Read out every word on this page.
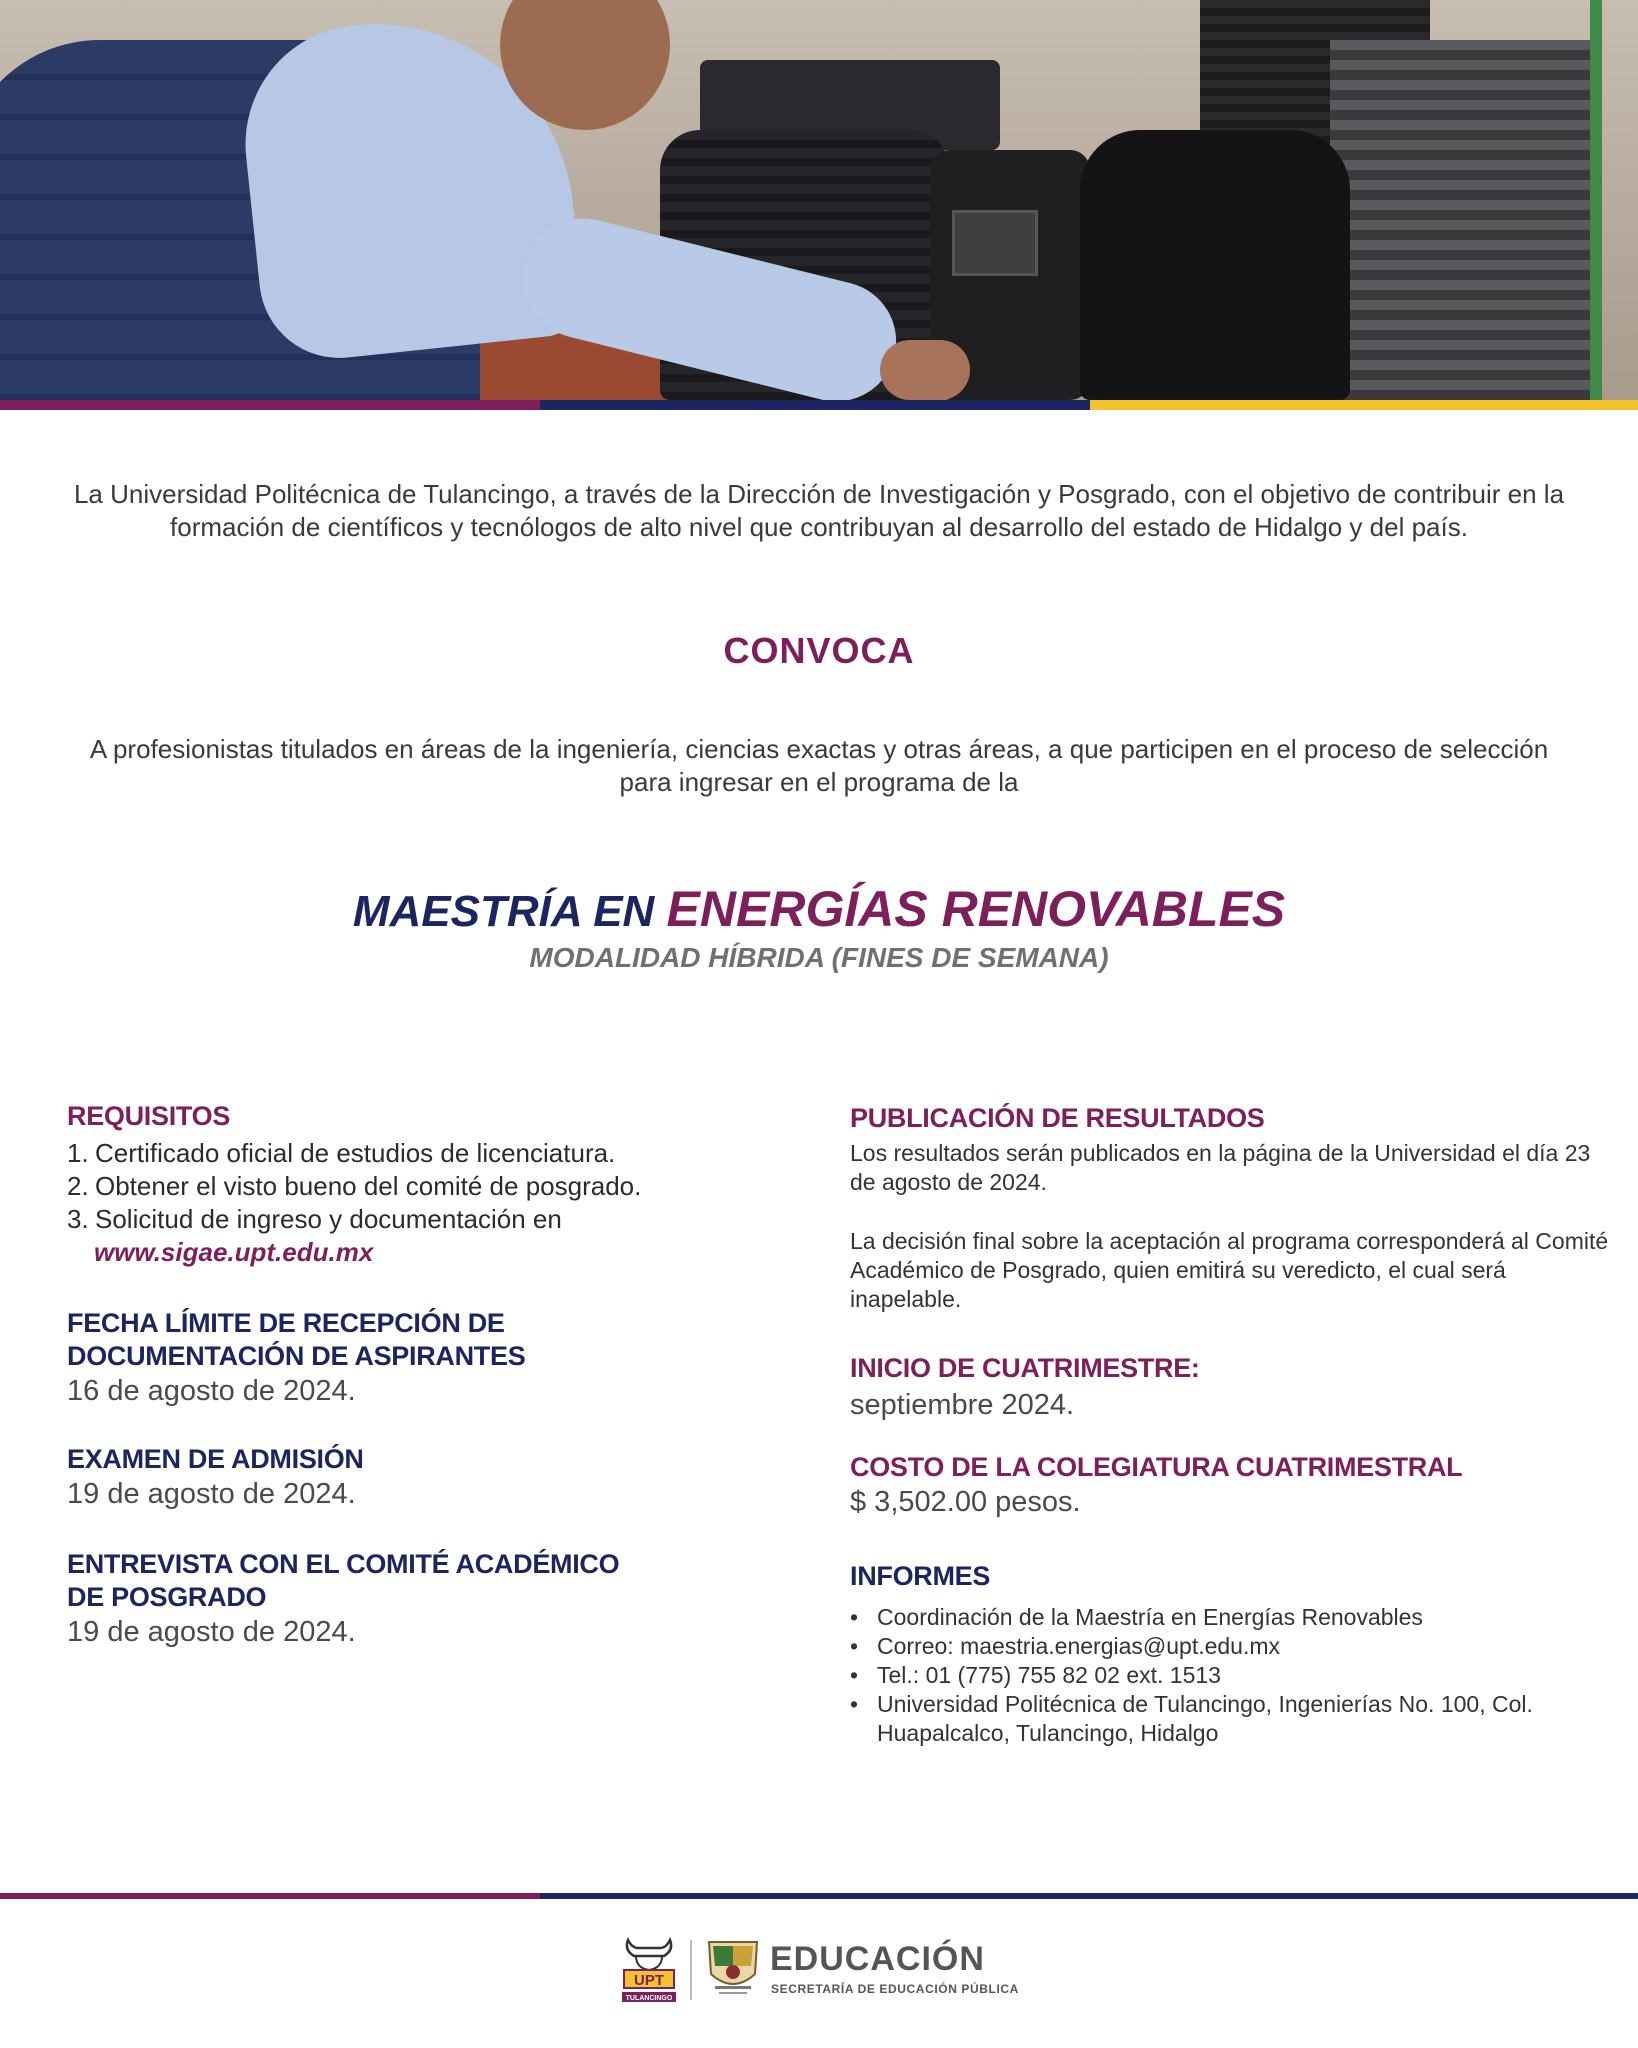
La Universidad Politécnica de Tulancingo, a través de la Dirección de Investigación y Posgrado, con el objetivo de contribuir en la formación de científicos y tecnólogos de alto nivel que contribuyan al desarrollo del estado de Hidalgo y del país.

CONVOCA

A profesionistas titulados en áreas de la ingeniería, ciencias exactas y otras áreas, a que participen en el proceso de selección para ingresar en el programa de la

MAESTRÍA EN ENERGÍAS RENOVABLES
MODALIDAD HÍBRIDA (FINES DE SEMANA)
REQUISITOS
1. Certificado oficial de estudios de licenciatura.
2. Obtener el visto bueno del comité de posgrado.
3. Solicitud de ingreso y documentación en
www.sigae.upt.edu.mx
FECHA LÍMITE DE RECEPCIÓN DE
DOCUMENTACIÓN DE ASPIRANTES
16 de agosto de 2024.
EXAMEN DE ADMISIÓN
19 de agosto de 2024.
ENTREVISTA CON EL COMITÉ ACADÉMICO
DE POSGRADO
19 de agosto de 2024.
PUBLICACIÓN DE RESULTADOS
Los resultados serán publicados en la página de la Universidad el día 23 de agosto de 2024.
La decisión final sobre la aceptación al programa corresponderá al Comité Académico de Posgrado, quien emitirá su veredicto, el cual será inapelable.
INICIO DE CUATRIMESTRE:
septiembre 2024.
COSTO DE LA COLEGIATURA CUATRIMESTRAL
$ 3,502.00 pesos.
INFORMES
• Coordinación de la Maestría en Energías Renovables
• Correo: maestria.energias@upt.edu.mx
• Tel.: 01 (775) 755 82 02 ext. 1513
• Universidad Politécnica de Tulancingo, Ingenierías No. 100, Col. Huapalcalco, Tulancingo, Hidalgo
UPT
TULANCINGO
EDUCACIÓN
SECRETARÍA DE EDUCACIÓN PÚBLICA
